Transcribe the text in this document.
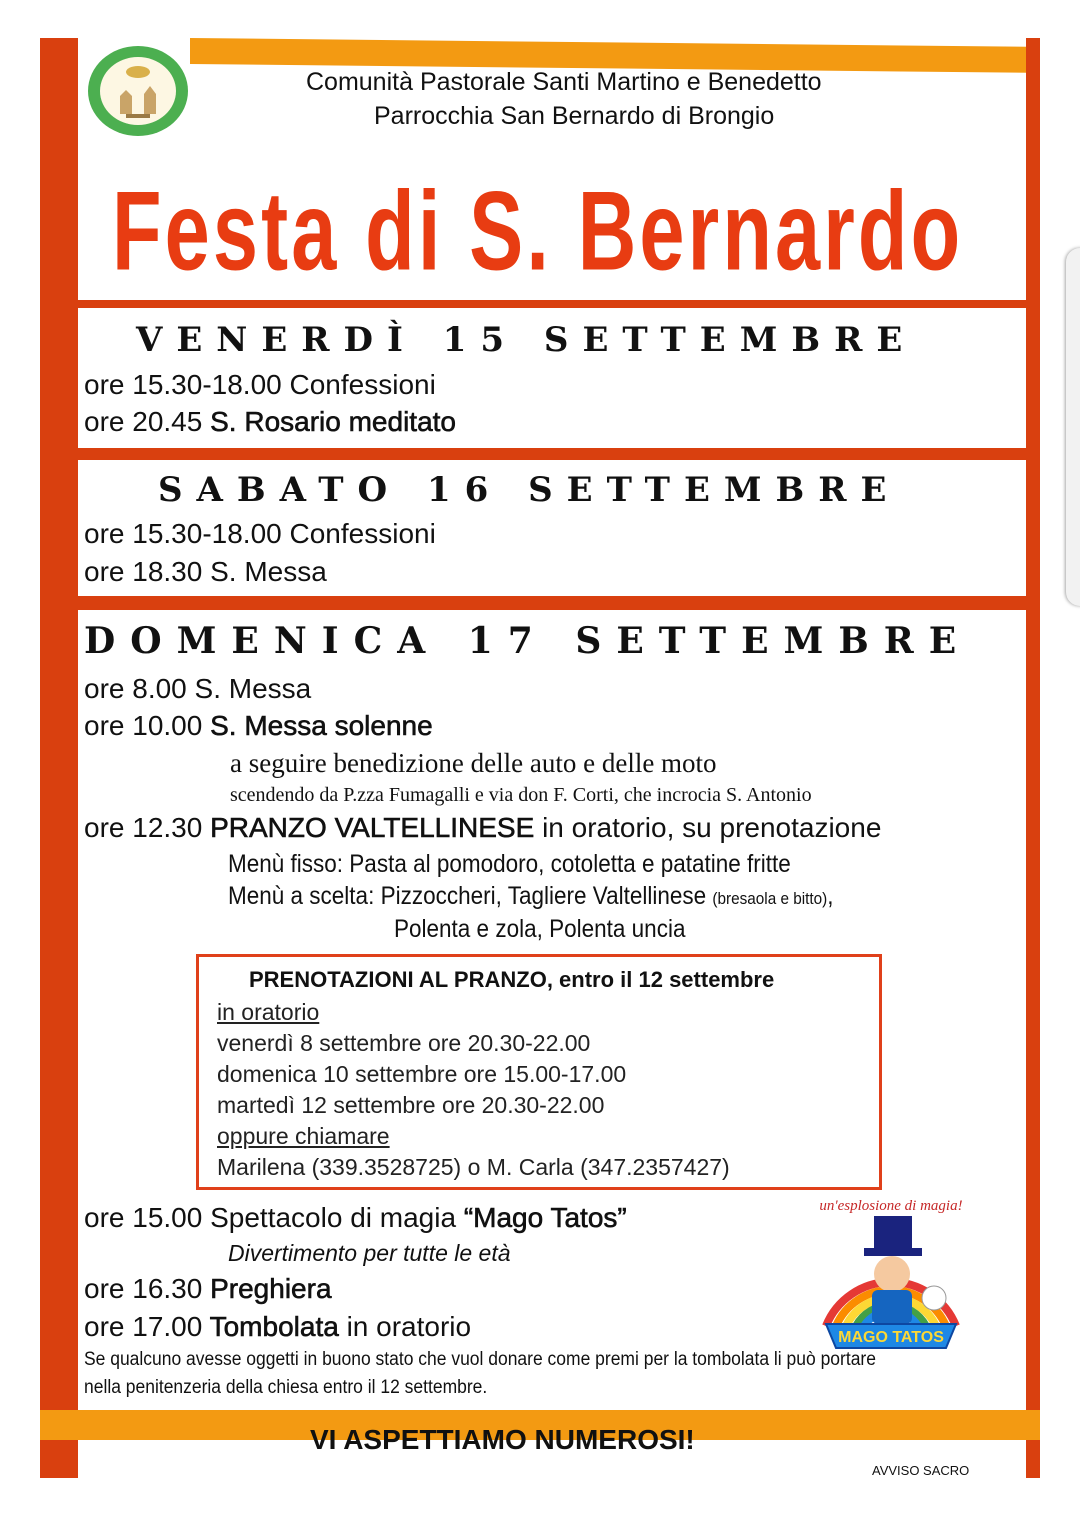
Comunità Pastorale Santi Martino e Benedetto
Parrocchia San Bernardo di Brongio
Festa di S. Bernardo
VENERDÌ 15 SETTEMBRE
ore 15.30-18.00 Confessioni
ore 20.45 S. Rosario meditato
SABATO 16 SETTEMBRE
ore 15.30-18.00 Confessioni
ore 18.30 S. Messa
DOMENICA 17 SETTEMBRE
ore 8.00 S. Messa
ore 10.00 S. Messa solenne
a seguire benedizione delle auto e delle moto
scendendo da P.zza Fumagalli e via don F. Corti, che incrocia S. Antonio
ore 12.30 PRANZO VALTELLINESE in oratorio, su prenotazione
Menù fisso: Pasta al pomodoro, cotoletta e patatine fritte
Menù a scelta: Pizzoccheri, Tagliere Valtellinese (bresaola e bitto),
Polenta e zola, Polenta uncia
PRENOTAZIONI AL PRANZO, entro il 12 settembre
in oratorio
venerdì 8 settembre ore 20.30-22.00
domenica 10 settembre ore 15.00-17.00
martedì 12 settembre ore 20.30-22.00
oppure chiamare
Marilena (339.3528725) o M. Carla (347.2357427)
ore 15.00 Spettacolo di magia “Mago Tatos”
Divertimento per tutte le età
ore 16.30 Preghiera
ore 17.00 Tombolata in oratorio
Se qualcuno avesse oggetti in buono stato che vuol donare come premi per la tombolata li può portare
nella penitenzeria della chiesa entro il 12 settembre.
MAGO TATOS
un'esplosione di magia!
VI ASPETTIAMO NUMEROSI!
AVVISO SACRO
